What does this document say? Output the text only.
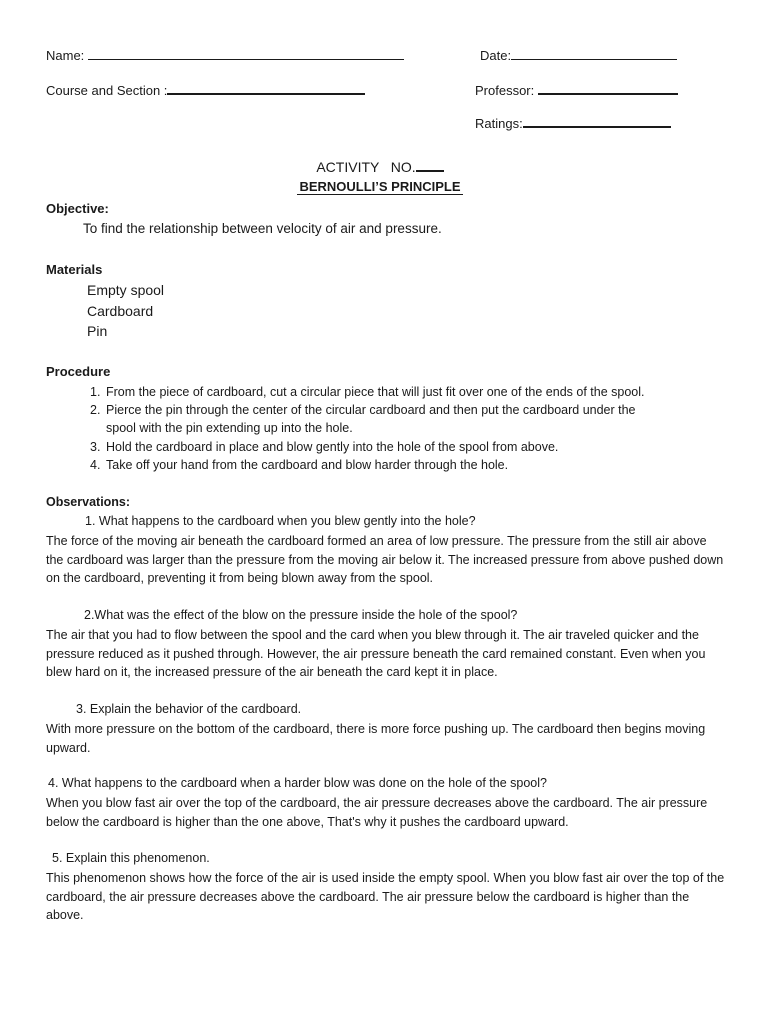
Name:	Date:
Course and Section :	Professor:
Ratings:
ACTIVITY   NO.
BERNOULLI’S PRINCIPLE
Objective:
To find the relationship between velocity of air and pressure.
Materials
Empty spool
Cardboard
Pin
Procedure
1. From the piece of cardboard, cut a circular piece that will just fit over one of the ends of the spool.
2. Pierce the pin through the center of the circular cardboard and then put the cardboard under the
spool with the pin extending up into the hole.
3. Hold the cardboard in place and blow gently into the hole of the spool from above.
4. Take off your hand from the cardboard and blow harder through the hole.
Observations:
1. What happens to the cardboard when you blew gently into the hole?
The force of the moving air beneath the cardboard formed an area of low pressure. The pressure from the still air above the cardboard was larger than the pressure from the moving air below it. The increased pressure from above pushed down on the cardboard, preventing it from being blown away from the spool.
2.What was the effect of the blow on the pressure inside the hole of the spool?
The air that you had to flow between the spool and the card when you blew through it. The air traveled quicker and the pressure reduced as it pushed through. However, the air pressure beneath the card remained constant. Even when you blew hard on it, the increased pressure of the air beneath the card kept it in place.
3. Explain the behavior of the cardboard.
With more pressure on the bottom of the cardboard, there is more force pushing up. The cardboard then begins moving upward.
4. What happens to the cardboard when a harder blow was done on the hole of the spool?
When you blow fast air over the top of the cardboard, the air pressure decreases above the cardboard. The air pressure below the cardboard is higher than the one above, That's why it pushes the cardboard upward.
5. Explain this phenomenon.
This phenomenon shows how the force of the air is used inside the empty spool. When you blow fast air over the top of the cardboard, the air pressure decreases above the cardboard. The air pressure below the cardboard is higher than the above.
